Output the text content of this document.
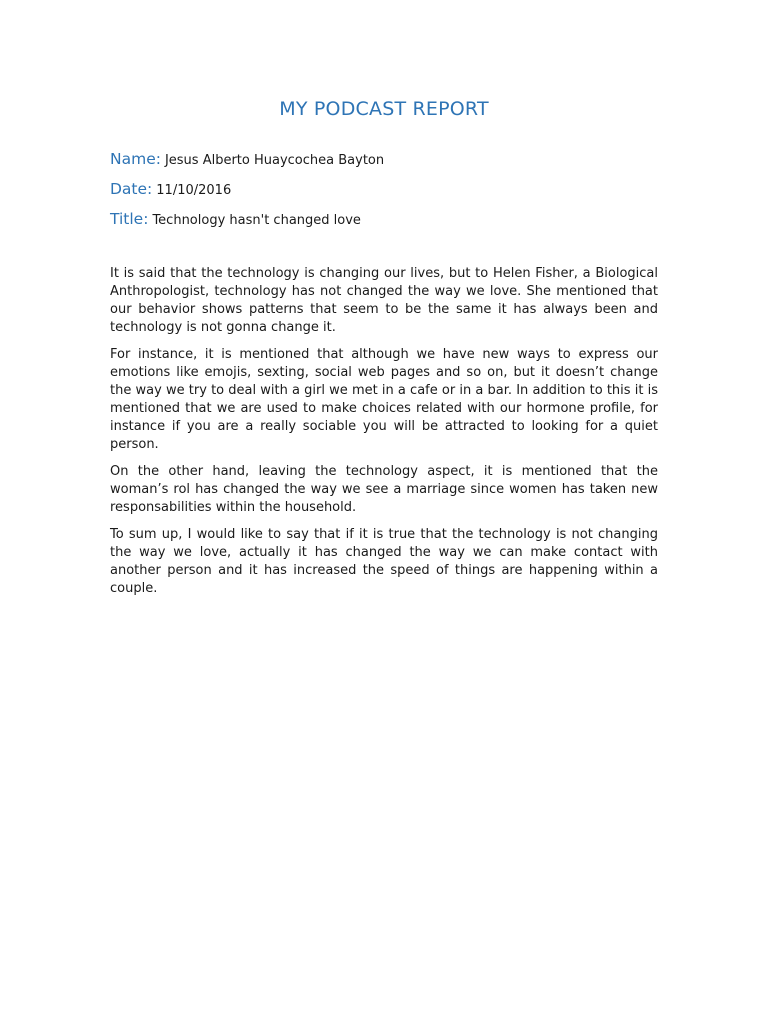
MY PODCAST REPORT
Name: Jesus Alberto Huaycochea Bayton
Date: 11/10/2016
Title: Technology hasn't changed love

It is said that the technology is changing our lives, but to Helen Fisher, a Biological Anthropologist, technology has not changed the way we love. She mentioned that our behavior shows patterns that seem to be the same it has always been and technology is not gonna change it.

For instance, it is mentioned that although we have new ways to express our emotions like emojis, sexting, social web pages and so on, but it doesn’t change the way we try to deal with a girl we met in a cafe or in a bar. In addition to this it is mentioned that we are used to make choices related with our hormone profile, for instance if you are a really sociable you will be attracted to looking for a quiet person.

On the other hand, leaving the technology aspect, it is mentioned that the woman’s rol has changed the way we see a marriage since women has taken new responsabilities within the household.

To sum up, I would like to say that if it is true that the technology is not changing the way we love, actually it has changed the way we can make contact with another person and it has increased the speed of things are happening within a couple.
